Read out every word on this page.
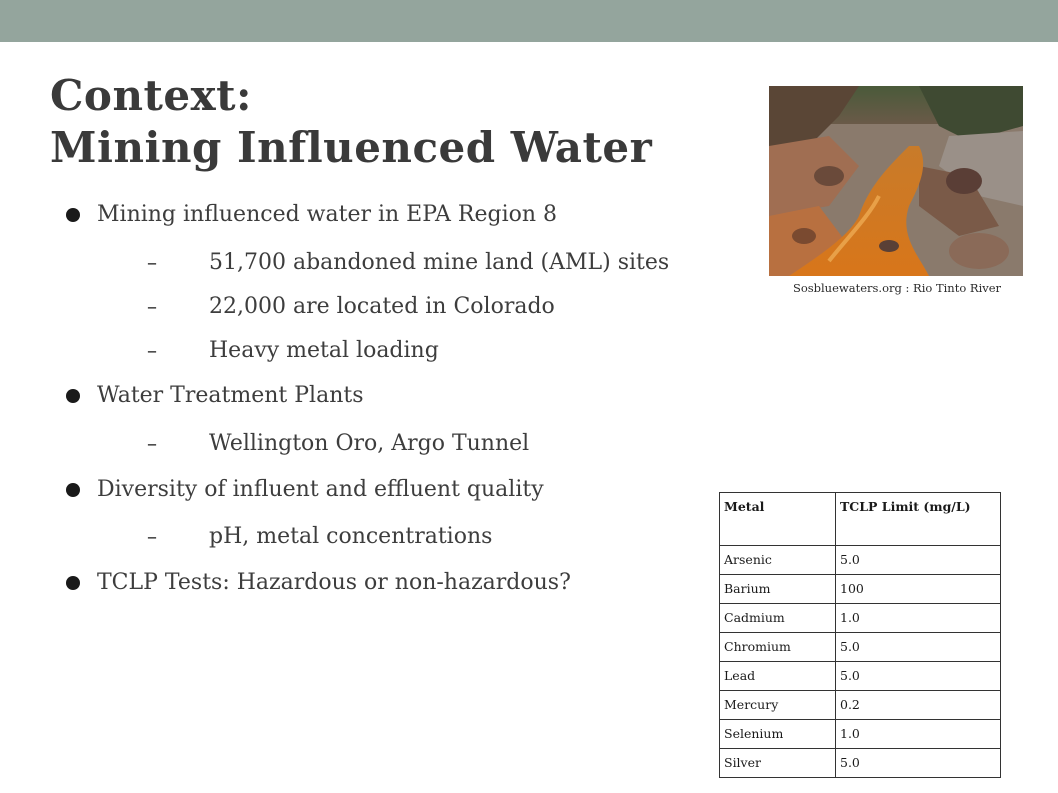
Context:
Mining Influenced Water
Mining influenced water in EPA Region 8
– 51,700 abandoned mine land (AML) sites
– 22,000 are located in Colorado
– Heavy metal loading
Water Treatment Plants
– Wellington Oro, Argo Tunnel
Diversity of influent and effluent quality
– pH, metal concentrations
TCLP Tests: Hazardous or non-hazardous?
Sosbluewaters.org : Rio Tinto River
Metal	TCLP Limit (mg/L)
Arsenic	5.0
Barium	100
Cadmium	1.0
Chromium	5.0
Lead	5.0
Mercury	0.2
Selenium	1.0
Silver	5.0
